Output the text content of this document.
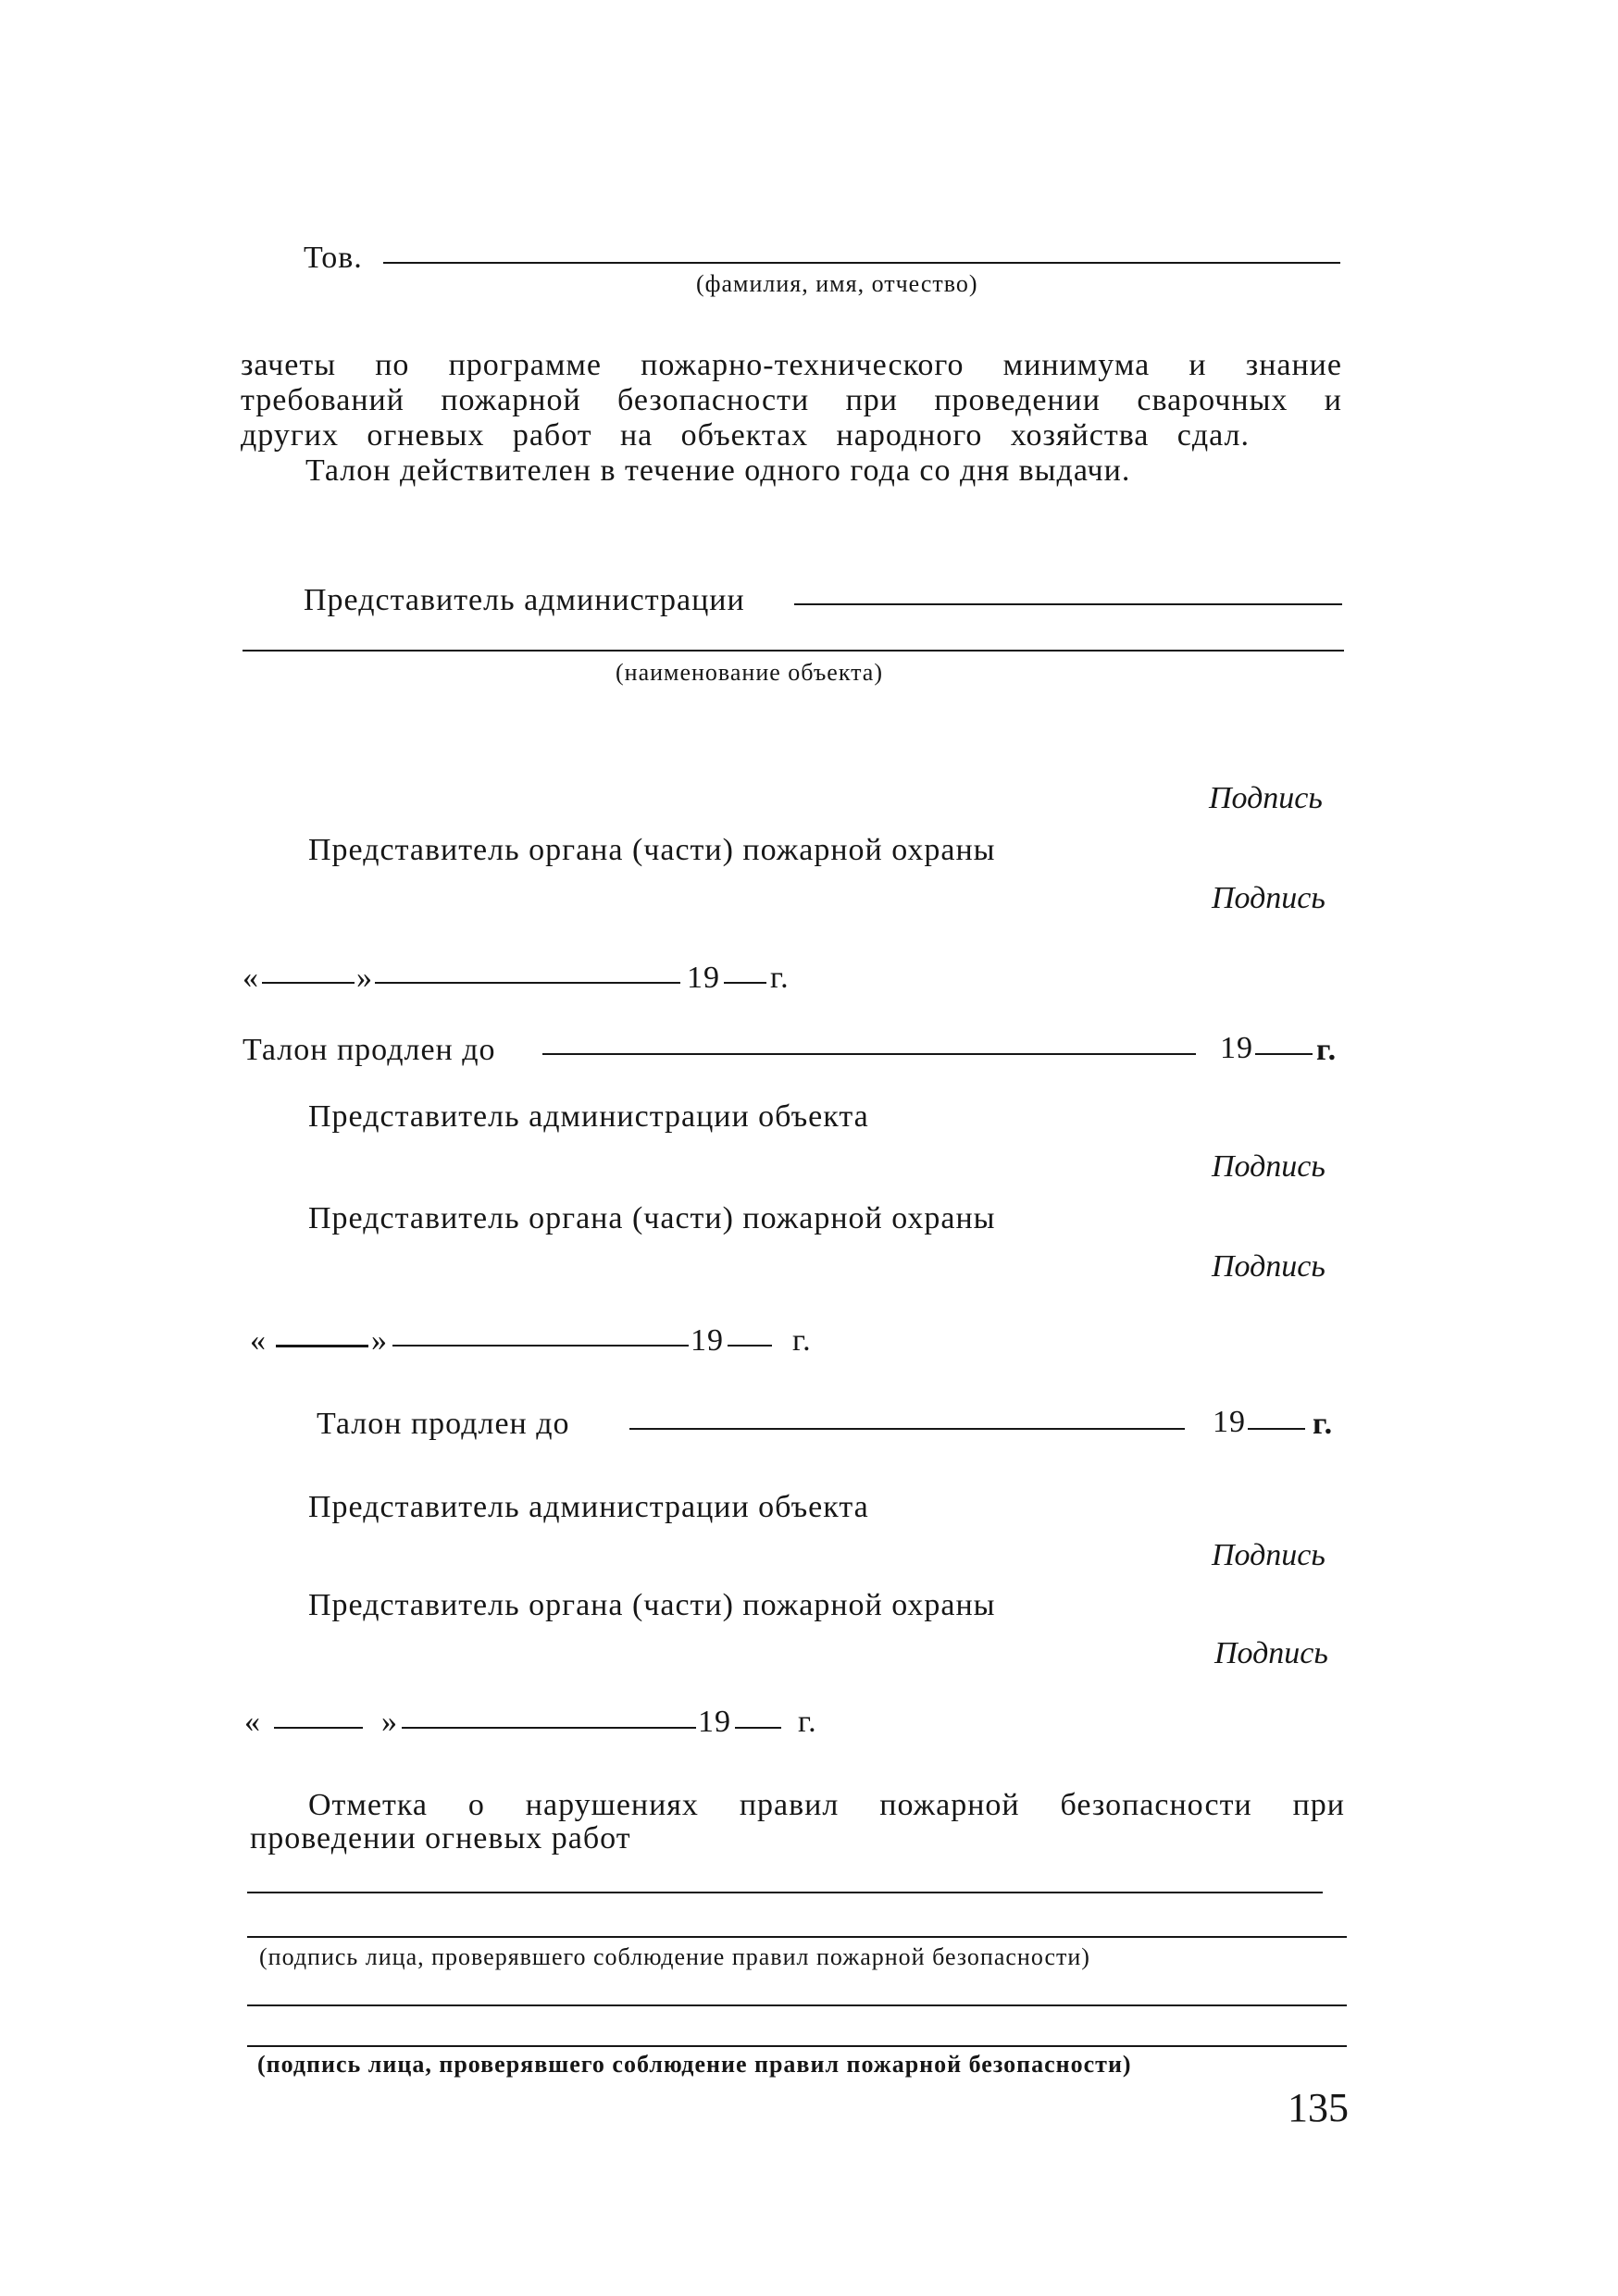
Тов.
(фамилия, имя, отчество)
зачеты по программе пожарно-технического минимума и знание
требований пожарной безопасности при проведении сварочных и
других огневых работ на объектах народного хозяйства сдал.
Талон действителен в течение одного года со дня выдачи.
Представитель администрации
(наименование объекта)
Подпись
Представитель органа (части) пожарной охраны
Подпись
«	»	19 г.
Талон продлен до	19 г.
Представитель администрации объекта
Подпись
Представитель органа (части) пожарной охраны
Подпись
«	»	19 г.
Талон продлен до	19 г.
Представитель администрации объекта
Подпись
Представитель органа (части) пожарной охраны
Подпись
«	»	19 г.
Отметка о нарушениях правил пожарной безопасности при
проведении огневых работ
(подпись лица, проверявшего соблюдение правил пожарной безопасности)
(подпись лица, проверявшего соблюдение правил пожарной безопасности)
135
